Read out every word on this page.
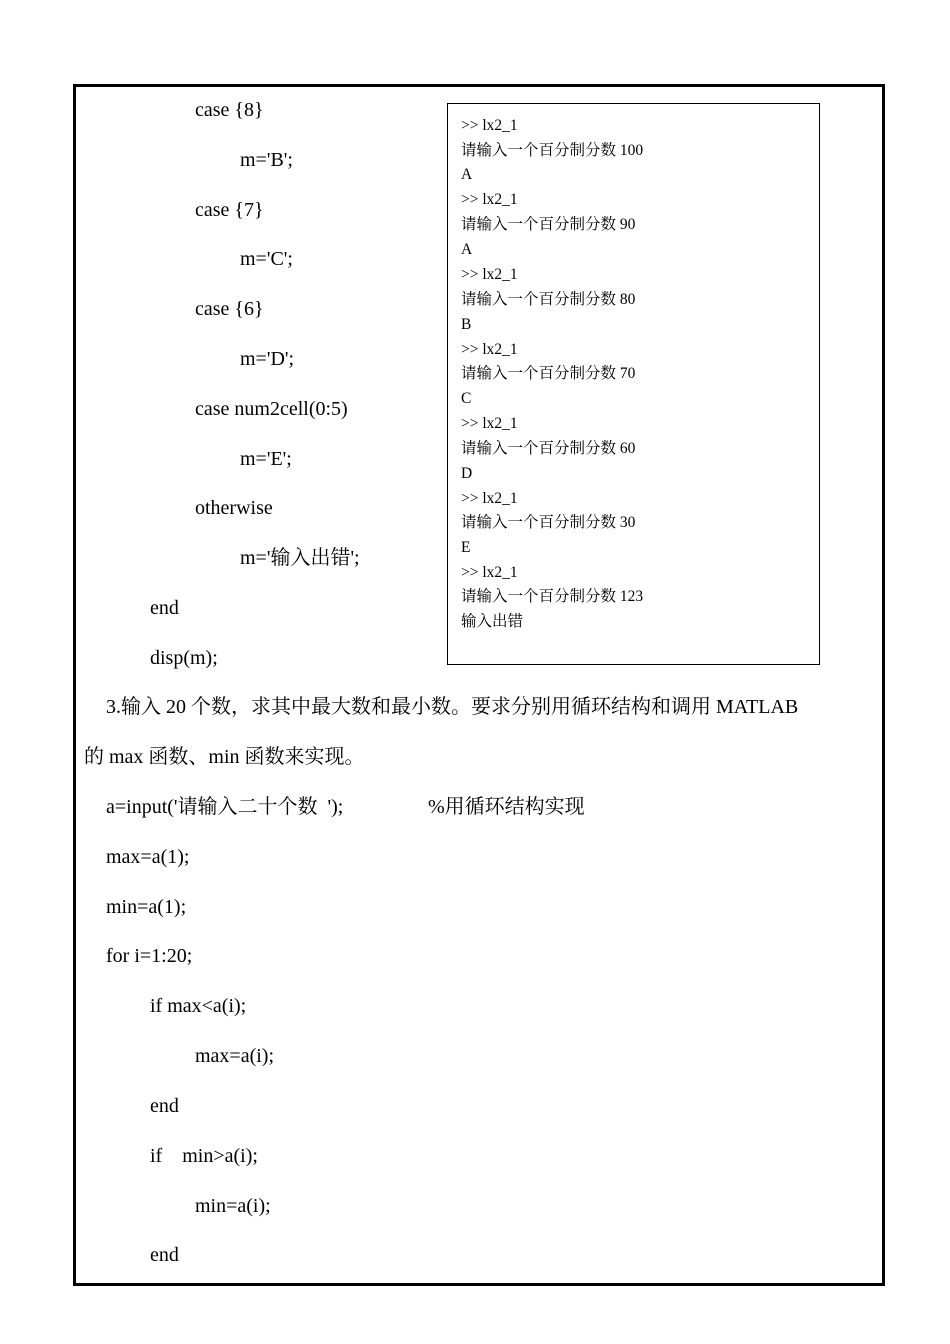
case {8}
m='B';
case {7}
m='C';
case {6}
m='D';
case num2cell(0:5)
m='E';
otherwise
m='输入出错';
end
disp(m);
>> lx2_1
请输入一个百分制分数 100
A
>> lx2_1
请输入一个百分制分数 90
A
>> lx2_1
请输入一个百分制分数 80
B
>> lx2_1
请输入一个百分制分数 70
C
>> lx2_1
请输入一个百分制分数 60
D
>> lx2_1
请输入一个百分制分数 30
E
>> lx2_1
请输入一个百分制分数 123
输入出错
3.输入 20 个数，求其中最大数和最小数。要求分别用循环结构和调用 MATLAB
的 max 函数、min 函数来实现。
a=input('请输入二十个数  ');	%用循环结构实现
max=a(1);
min=a(1);
for i=1:20;
if max<a(i);
max=a(i);
end
if    min>a(i);
min=a(i);
end
